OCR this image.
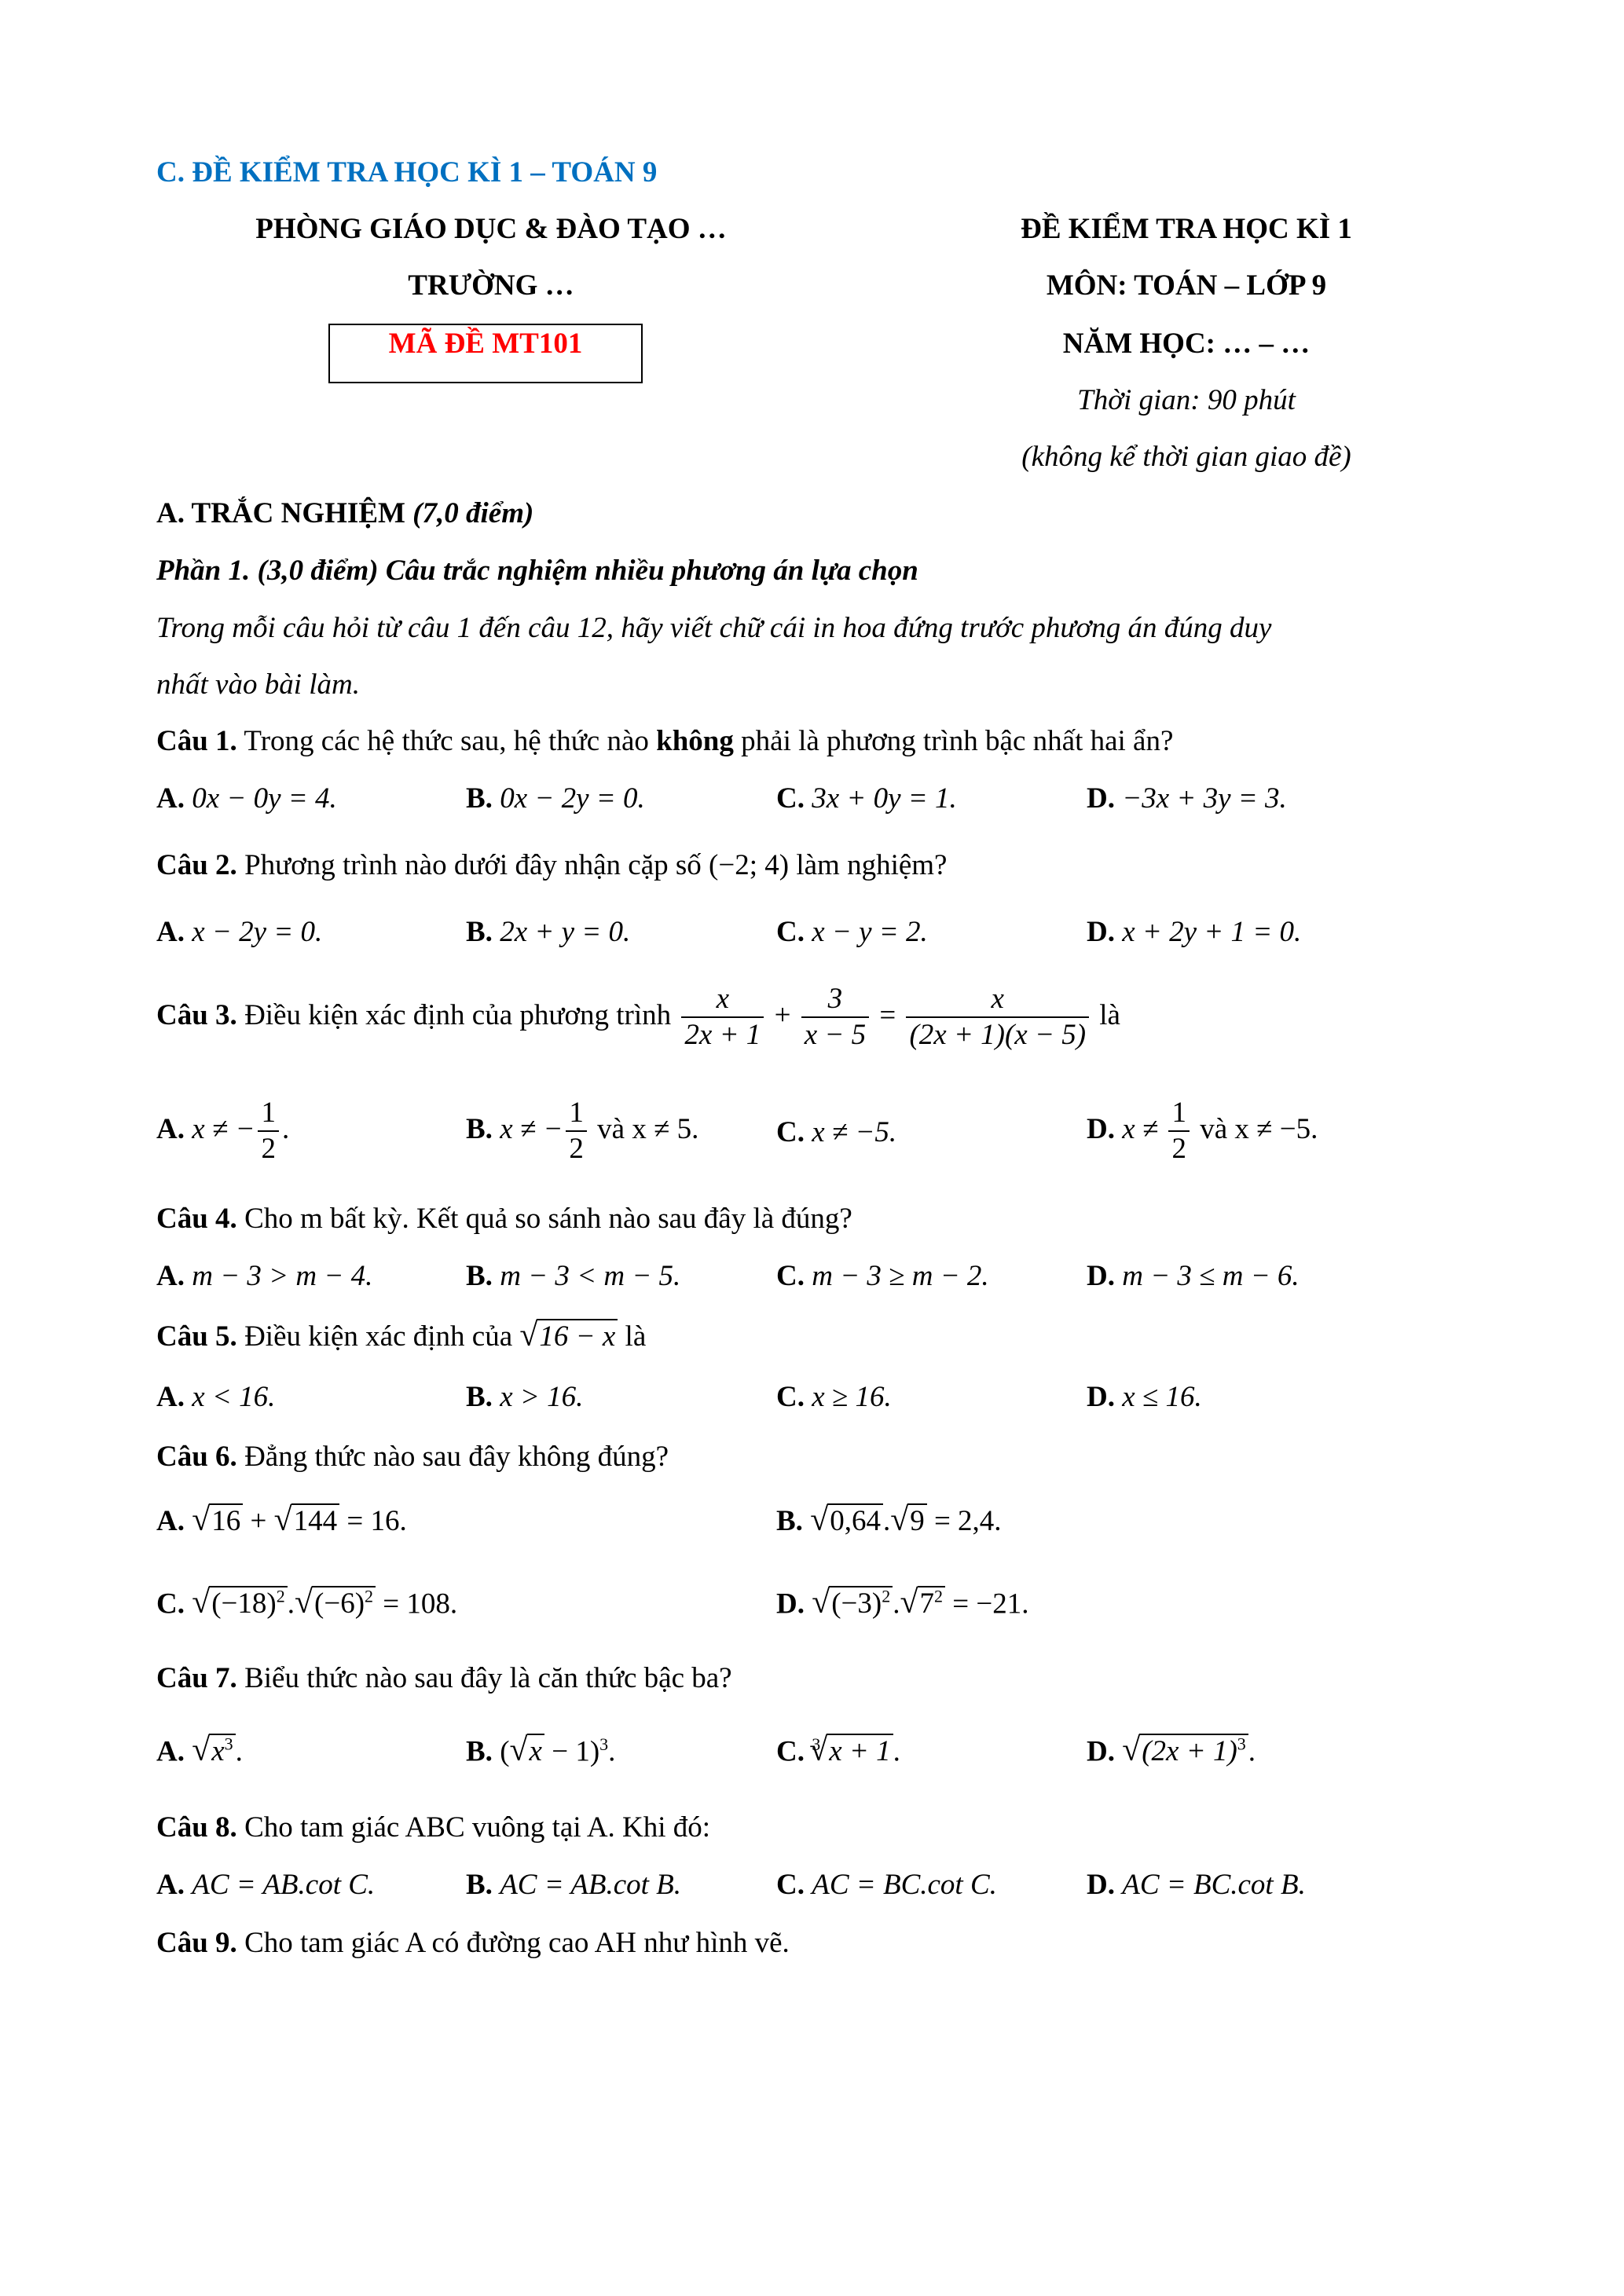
C. ĐỀ KIỂM TRA HỌC KÌ 1 – TOÁN 9
PHÒNG GIÁO DỤC & ĐÀO TẠO …
TRƯỜNG …
MÃ ĐỀ MT101
ĐỀ KIỂM TRA HỌC KÌ 1
MÔN: TOÁN – LỚP 9
NĂM HỌC: … – …
Thời gian: 90 phút
(không kể thời gian giao đề)
A. TRẮC NGHIỆM (7,0 điểm)
Phần 1. (3,0 điểm) Câu trắc nghiệm nhiều phương án lựa chọn
Trong mỗi câu hỏi từ câu 1 đến câu 12, hãy viết chữ cái in hoa đứng trước phương án đúng duy
nhất vào bài làm.
Câu 1. Trong các hệ thức sau, hệ thức nào không phải là phương trình bậc nhất hai ẩn?
A. 0x − 0y = 4.	B. 0x − 2y = 0.	C. 3x + 0y = 1.	D. −3x + 3y = 3.
Câu 2. Phương trình nào dưới đây nhận cặp số (−2; 4) làm nghiệm?
A. x − 2y = 0.	B. 2x + y = 0.	C. x − y = 2.	D. x + 2y + 1 = 0.
Câu 3. Điều kiện xác định của phương trình $\frac{x}{2x + 1} + \frac{3}{x - 5} = \frac{x}{(2x + 1)(x - 5)}$ là
A. x ≠ − $\frac{1}{2}$ .	B. x ≠ − $\frac{1}{2}$ và x ≠ 5.	C. x ≠ −5.	D. $x \ne \frac{1}{2}$ và x ≠ −5.
Câu 4. Cho m bất kỳ. Kết quả so sánh nào sau đây là đúng?
A. m − 3 > m − 4.	B. m − 3 < m − 5.	C. m − 3 ≥ m − 2.	D. m − 3 ≤ m − 6.
Câu 5. Điều kiện xác định của √ 16 − x là
A. x < 16.	B. x > 16.	C. x ≥ 16.	D. x ≤ 16.
Câu 6. Đẳng thức nào sau đây không đúng?
A. √ 16 + √ 144 = 16.	B. √ 0,64. √ 9 = 2,4.
C. √ $(-18)^2$. √ $(-6)^2 = 108$.	D. √ $(-3)^2$. √ $7^2 = -21$.
Câu 7. Biểu thức nào sau đây là căn thức bậc ba?
A. √ $x^3$.	B. ( √ x − 1)$^3$.	C. $^3$ √ x + 1.	D. √ $(2x + 1)^3$.
Câu 8. Cho tam giác ABC vuông tại A. Khi đó:
A. AC = AB.cot C.	B. AC = AB.cot B.	C. AC = BC.cot C.	D. AC = BC.cot B.
Câu 9. Cho tam giác A có đường cao AH như hình vẽ.
